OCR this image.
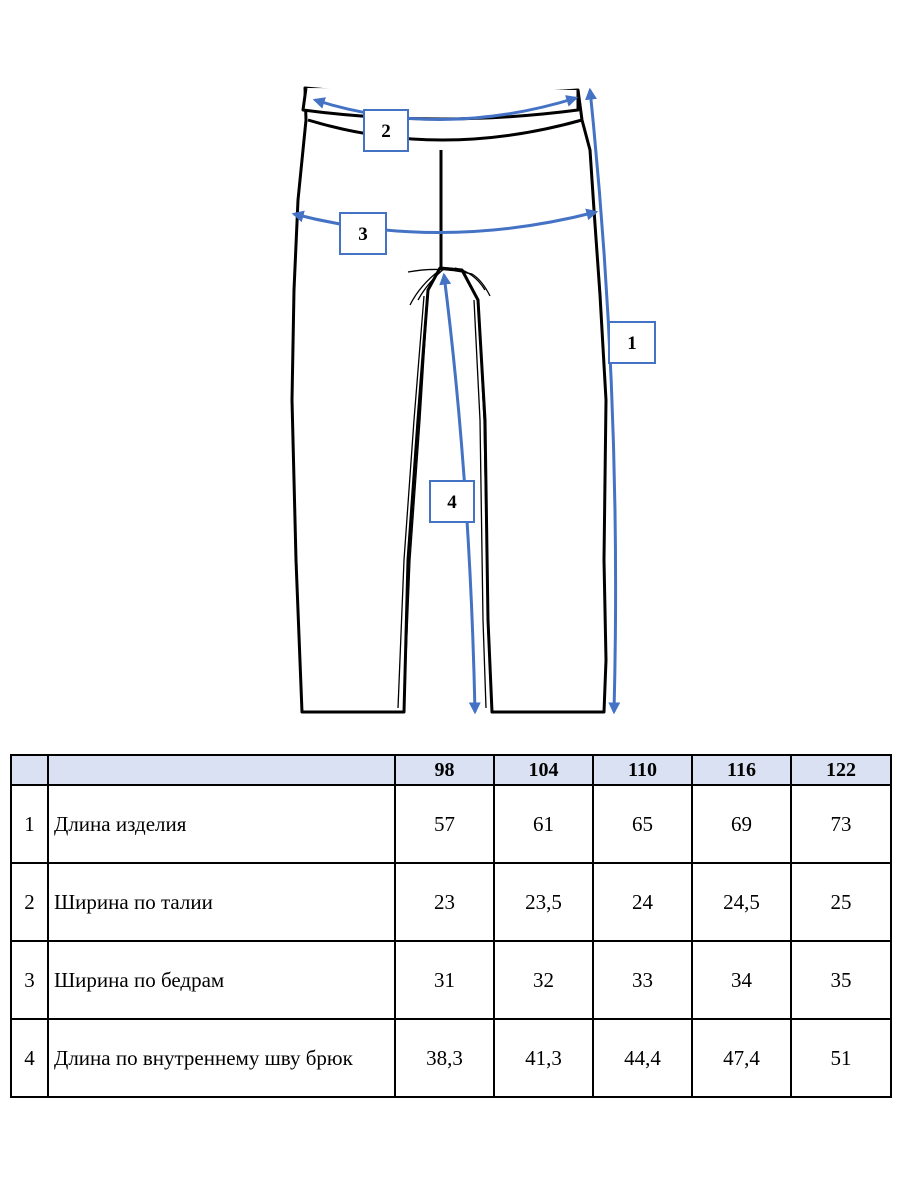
1
2
3
4
		98	104	110	116	122
1	Длина изделия	57	61	65	69	73
2	Ширина по талии	23	23,5	24	24,5	25
3	Ширина по бедрам	31	32	33	34	35
4	Длина по внутреннему шву брюк	38,3	41,3	44,4	47,4	51
